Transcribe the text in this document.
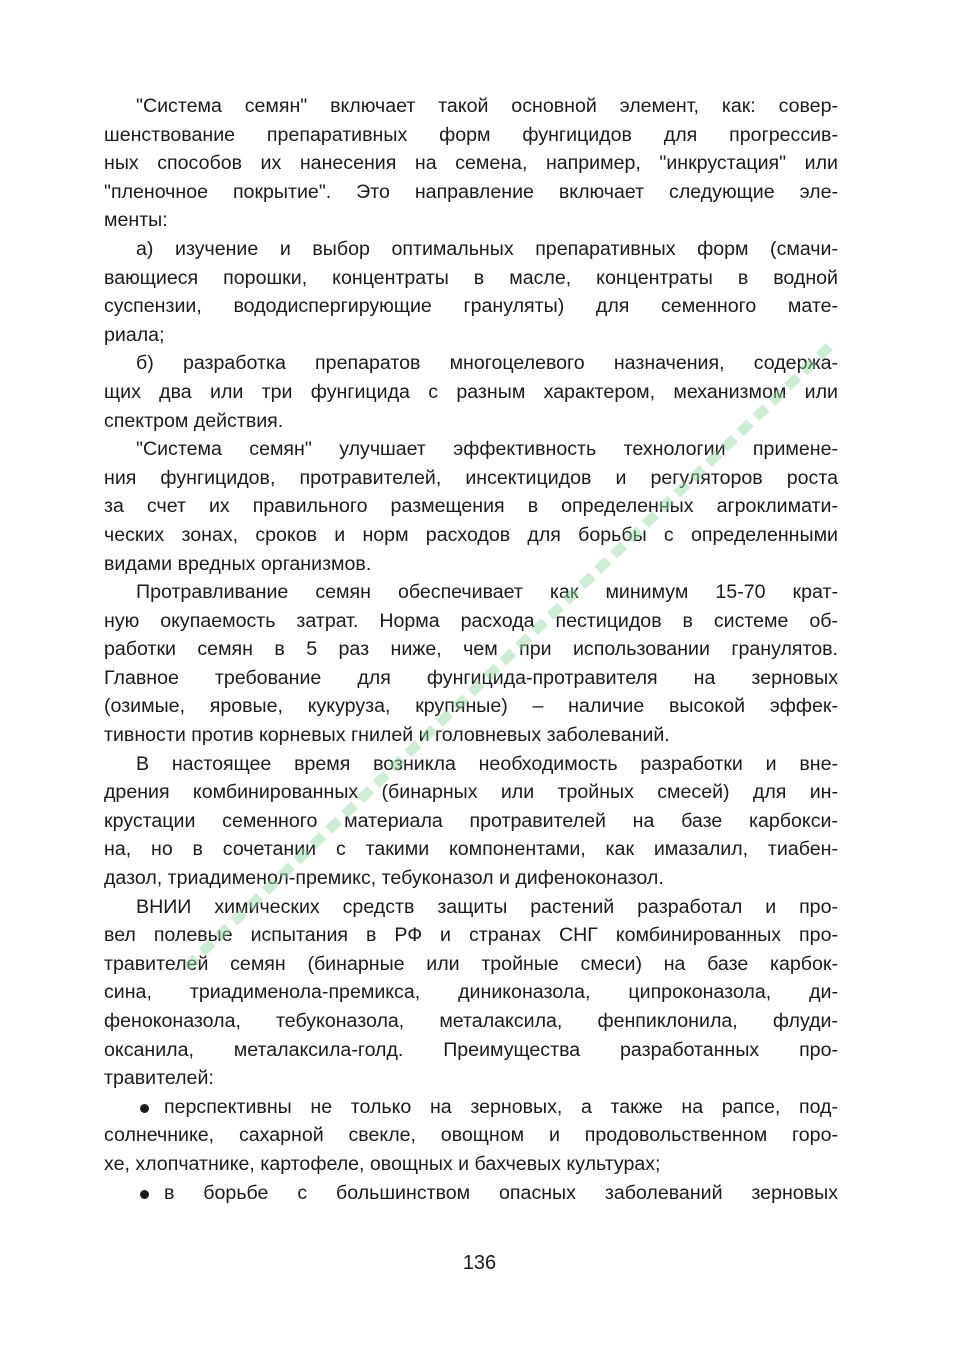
"Система семян" включает такой основной элемент, как: совер-
шенствование препаративных форм фунгицидов для прогрессив-
ных способов их нанесения на семена, например, "инкрустация" или
"пленочное покрытие". Это направление включает следующие эле-
менты:
а) изучение и выбор оптимальных препаративных форм (смачи-
вающиеся порошки, концентраты в масле, концентраты в водной
суспензии, вододиспергирующие грануляты) для семенного мате-
риала;
б) разработка препаратов многоцелевого назначения, содержа-
щих два или три фунгицида с разным характером, механизмом или
спектром действия.
"Система семян" улучшает эффективность технологии примене-
ния фунгицидов, протравителей, инсектицидов и регуляторов роста
за счет их правильного размещения в определенных агроклимати-
ческих зонах, сроков и норм расходов для борьбы с определенными
видами вредных организмов.
Протравливание семян обеспечивает как минимум 15-70 крат-
ную окупаемость затрат. Норма расхода пестицидов в системе об-
работки семян в 5 раз ниже, чем при использовании гранулятов.
Главное требование для фунгицида-протравителя на зерновых
(озимые, яровые, кукуруза, крупяные) – наличие высокой эффек-
тивности против корневых гнилей и головневых заболеваний.
В настоящее время возникла необходимость разработки и вне-
дрения комбинированных (бинарных или тройных смесей) для ин-
крустации семенного материала протравителей на базе карбокси-
на, но в сочетании с такими компонентами, как имазалил, тиабен-
дазол, триадименол-премикс, тебуконазол и дифеноконазол.
ВНИИ химических средств защиты растений разработал и про-
вел полевые испытания в РФ и странах СНГ комбинированных про-
травителей семян (бинарные или тройные смеси) на базе карбок-
сина, триадименола-премикса, диниконазола, ципроконазола, ди-
феноконазола, тебуконазола, металаксила, фенпиклонила, флуди-
оксанила, металаксила-голд. Преимущества разработанных про-
травителей:
перспективны не только на зерновых, а также на рапсе, под-
солнечнике, сахарной свекле, овощном и продовольственном горо-
хе, хлопчатнике, картофеле, овощных и бахчевых культурах;
в борьбе с большинством опасных заболеваний зерновых
136
